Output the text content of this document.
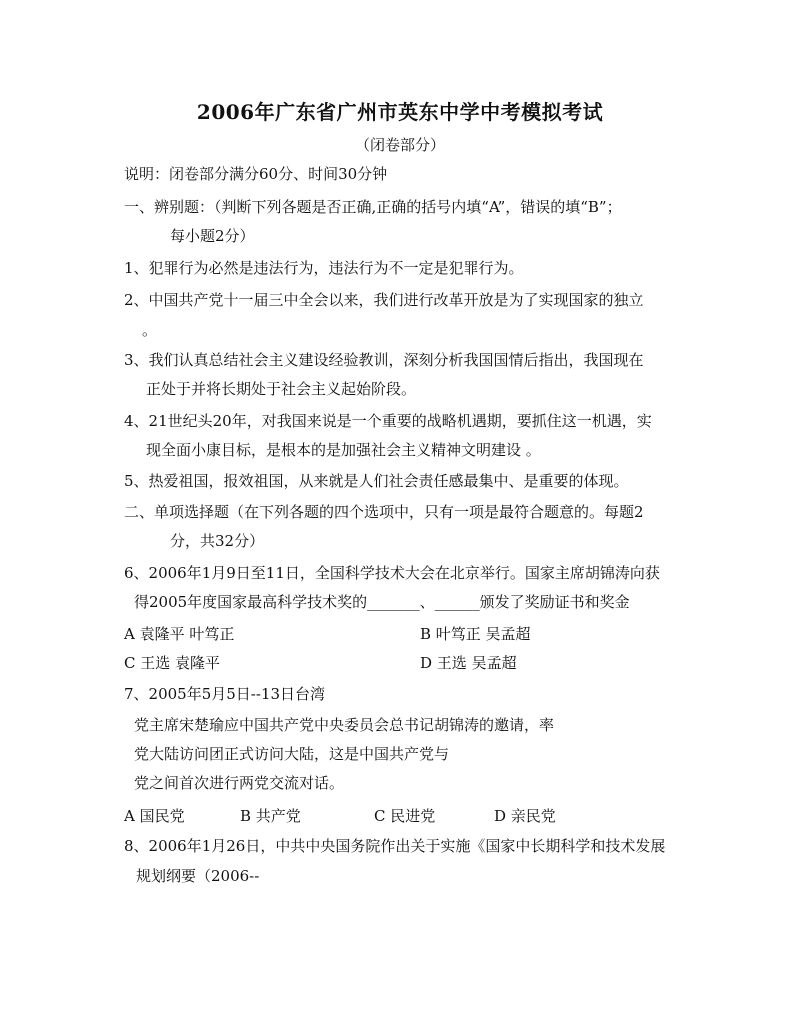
2006年广东省广州市英东中学中考模拟考试
（闭卷部分）
说明：闭卷部分满分60分、时间30分钟
一、辨别题：（判断下列各题是否正确,正确的括号内填“A”，错误的填“B”；
每小题2分）
1、犯罪行为必然是违法行为，违法行为不一定是犯罪行为。
2、中国共产党十一届三中全会以来，我们进行改革开放是为了实现国家的独立
。
3、我们认真总结社会主义建设经验教训，深刻分析我国国情后指出，我国现在
正处于并将长期处于社会主义起始阶段。
4、21世纪头20年，对我国来说是一个重要的战略机遇期，要抓住这一机遇，实
现全面小康目标，是根本的是加强社会主义精神文明建设 。
5、热爱祖国，报效祖国，从来就是人们社会责任感最集中、是重要的体现。
二、单项选择题（在下列各题的四个选项中，只有一项是最符合题意的。每题2
分，共32分）
6、2006年1月9日至11日，全国科学技术大会在北京举行。国家主席胡锦涛向获
得2005年度国家最高科学技术奖的_______、______颁发了奖励证书和奖金
A 袁隆平 叶笃正	B 叶笃正 吴孟超
C 王选 袁隆平	D 王选 吴孟超
7、2005年5月5日--13日台湾
党主席宋楚瑜应中国共产党中央委员会总书记胡锦涛的邀请，率
党大陆访问团正式访问大陆，这是中国共产党与
党之间首次进行两党交流对话。
A 国民党	B 共产党	C 民进党	D 亲民党
8、2006年1月26日，中共中央国务院作出关于实施《国家中长期科学和技术发展
规划纲要（2006--
